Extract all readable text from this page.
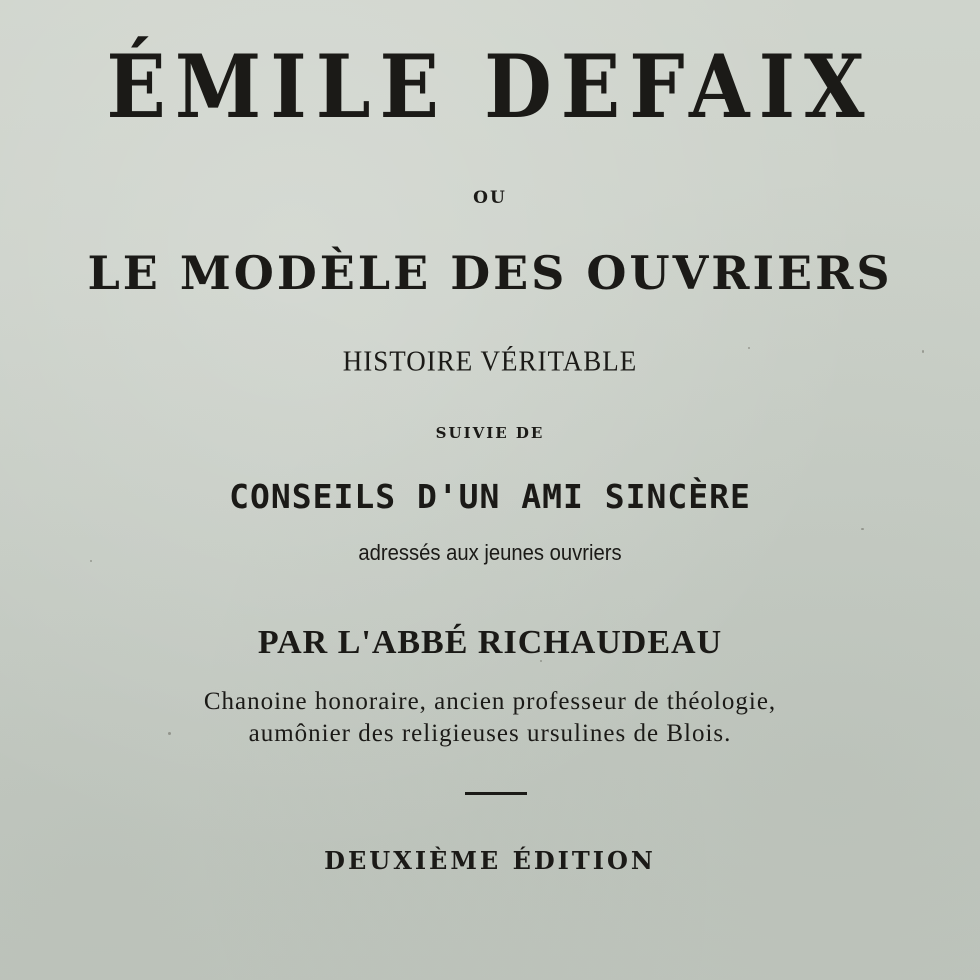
ÉMILE DEFAIX
OU
LE MODÈLE DES OUVRIERS
HISTOIRE VÉRITABLE
SUIVIE DE
CONSEILS D'UN AMI SINCÈRE
adressés aux jeunes ouvriers
PAR L'ABBÉ RICHAUDEAU
Chanoine honoraire, ancien professeur de théologie,
aumônier des religieuses ursulines de Blois.
DEUXIÈME ÉDITION
